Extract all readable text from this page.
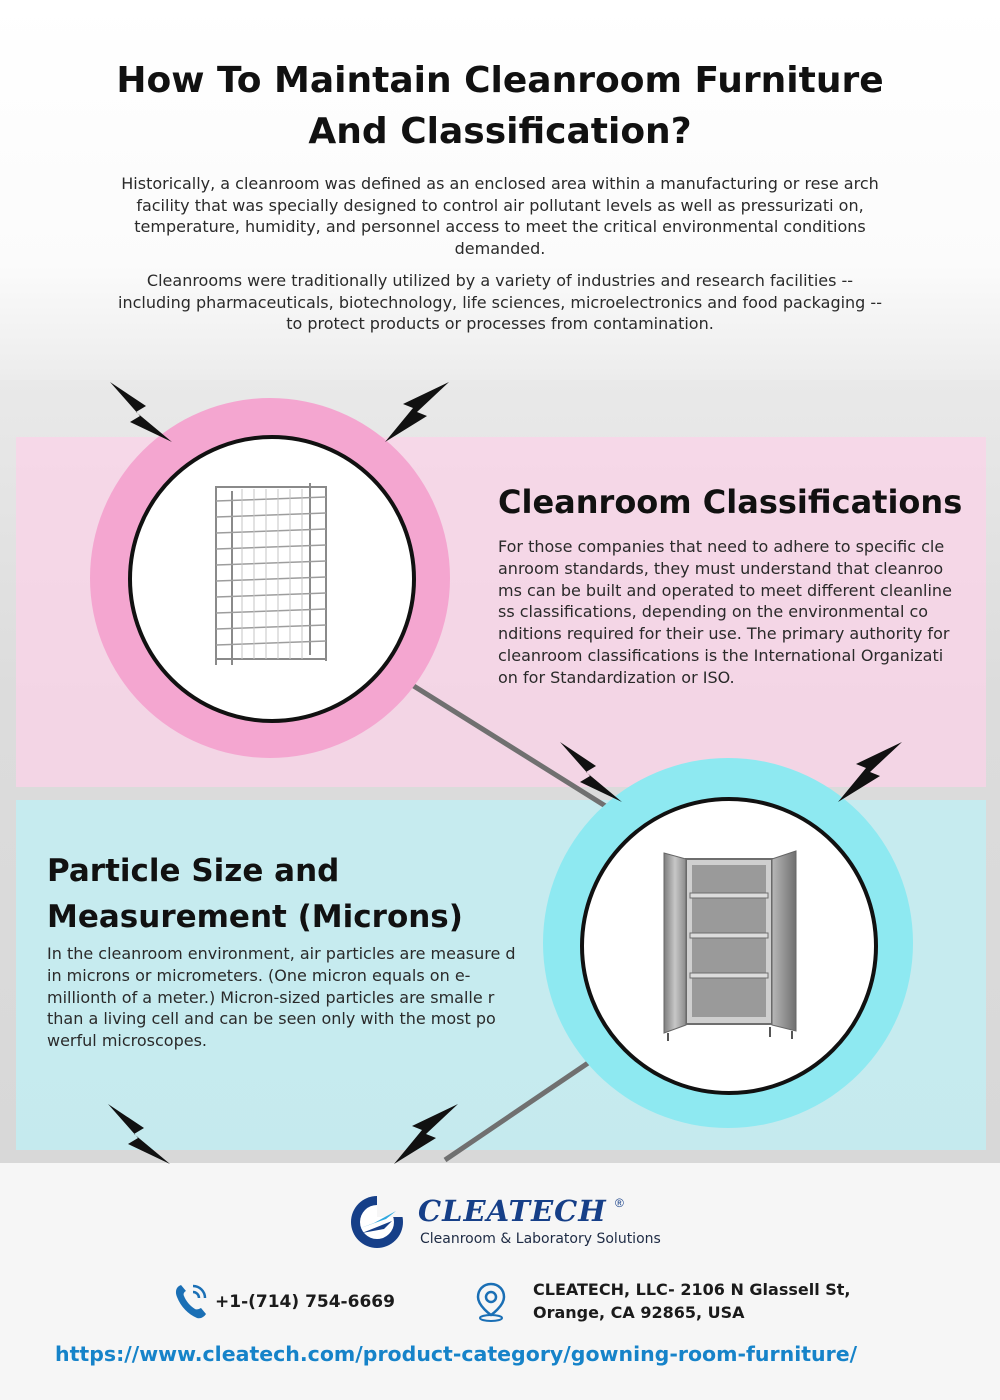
How To Maintain Cleanroom Furniture And Classification?

Historically, a cleanroom was defined as an enclosed area within a manufacturing or rese arch facility that was specially designed to control air pollutant levels as well as pressurizati on, temperature, humidity, and personnel access to meet the critical environmental conditions demanded.

Cleanrooms were traditionally utilized by a variety of industries and research facilities -- including pharmaceuticals, biotechnology, life sciences, microelectronics and food packaging -- to protect products or processes from contamination.

Cleanroom Classifications

For those companies that need to adhere to specific cle anroom standards, they must understand that cleanroo ms can be built and operated to meet different cleanline ss classifications, depending on the environmental co nditions required for their use. The primary authority for cleanroom classifications is the International Organizati on for Standardization or ISO.

Particle Size and Measurement (Microns)

In the cleanroom environment, air particles are measure d in microns or micrometers. (One micron equals on e-millionth of a meter.) Micron-sized particles are smalle r than a living cell and can be seen only with the most po werful microscopes.

CLEATECH ®
Cleanroom & Laboratory Solutions
+1-(714) 754-6669
CLEATECH, LLC- 2106 N Glassell St,
Orange, CA 92865, USA
https://www.cleatech.com/product-category/gowning-room-furniture/
